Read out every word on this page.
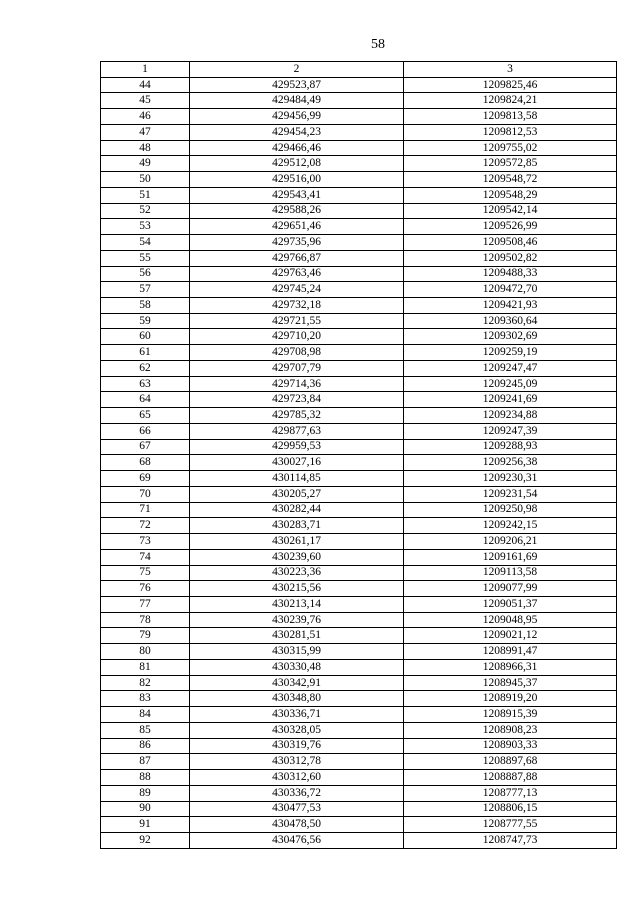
58
1	2	3
44	429523,87	1209825,46
45	429484,49	1209824,21
46	429456,99	1209813,58
47	429454,23	1209812,53
48	429466,46	1209755,02
49	429512,08	1209572,85
50	429516,00	1209548,72
51	429543,41	1209548,29
52	429588,26	1209542,14
53	429651,46	1209526,99
54	429735,96	1209508,46
55	429766,87	1209502,82
56	429763,46	1209488,33
57	429745,24	1209472,70
58	429732,18	1209421,93
59	429721,55	1209360,64
60	429710,20	1209302,69
61	429708,98	1209259,19
62	429707,79	1209247,47
63	429714,36	1209245,09
64	429723,84	1209241,69
65	429785,32	1209234,88
66	429877,63	1209247,39
67	429959,53	1209288,93
68	430027,16	1209256,38
69	430114,85	1209230,31
70	430205,27	1209231,54
71	430282,44	1209250,98
72	430283,71	1209242,15
73	430261,17	1209206,21
74	430239,60	1209161,69
75	430223,36	1209113,58
76	430215,56	1209077,99
77	430213,14	1209051,37
78	430239,76	1209048,95
79	430281,51	1209021,12
80	430315,99	1208991,47
81	430330,48	1208966,31
82	430342,91	1208945,37
83	430348,80	1208919,20
84	430336,71	1208915,39
85	430328,05	1208908,23
86	430319,76	1208903,33
87	430312,78	1208897,68
88	430312,60	1208887,88
89	430336,72	1208777,13
90	430477,53	1208806,15
91	430478,50	1208777,55
92	430476,56	1208747,73
